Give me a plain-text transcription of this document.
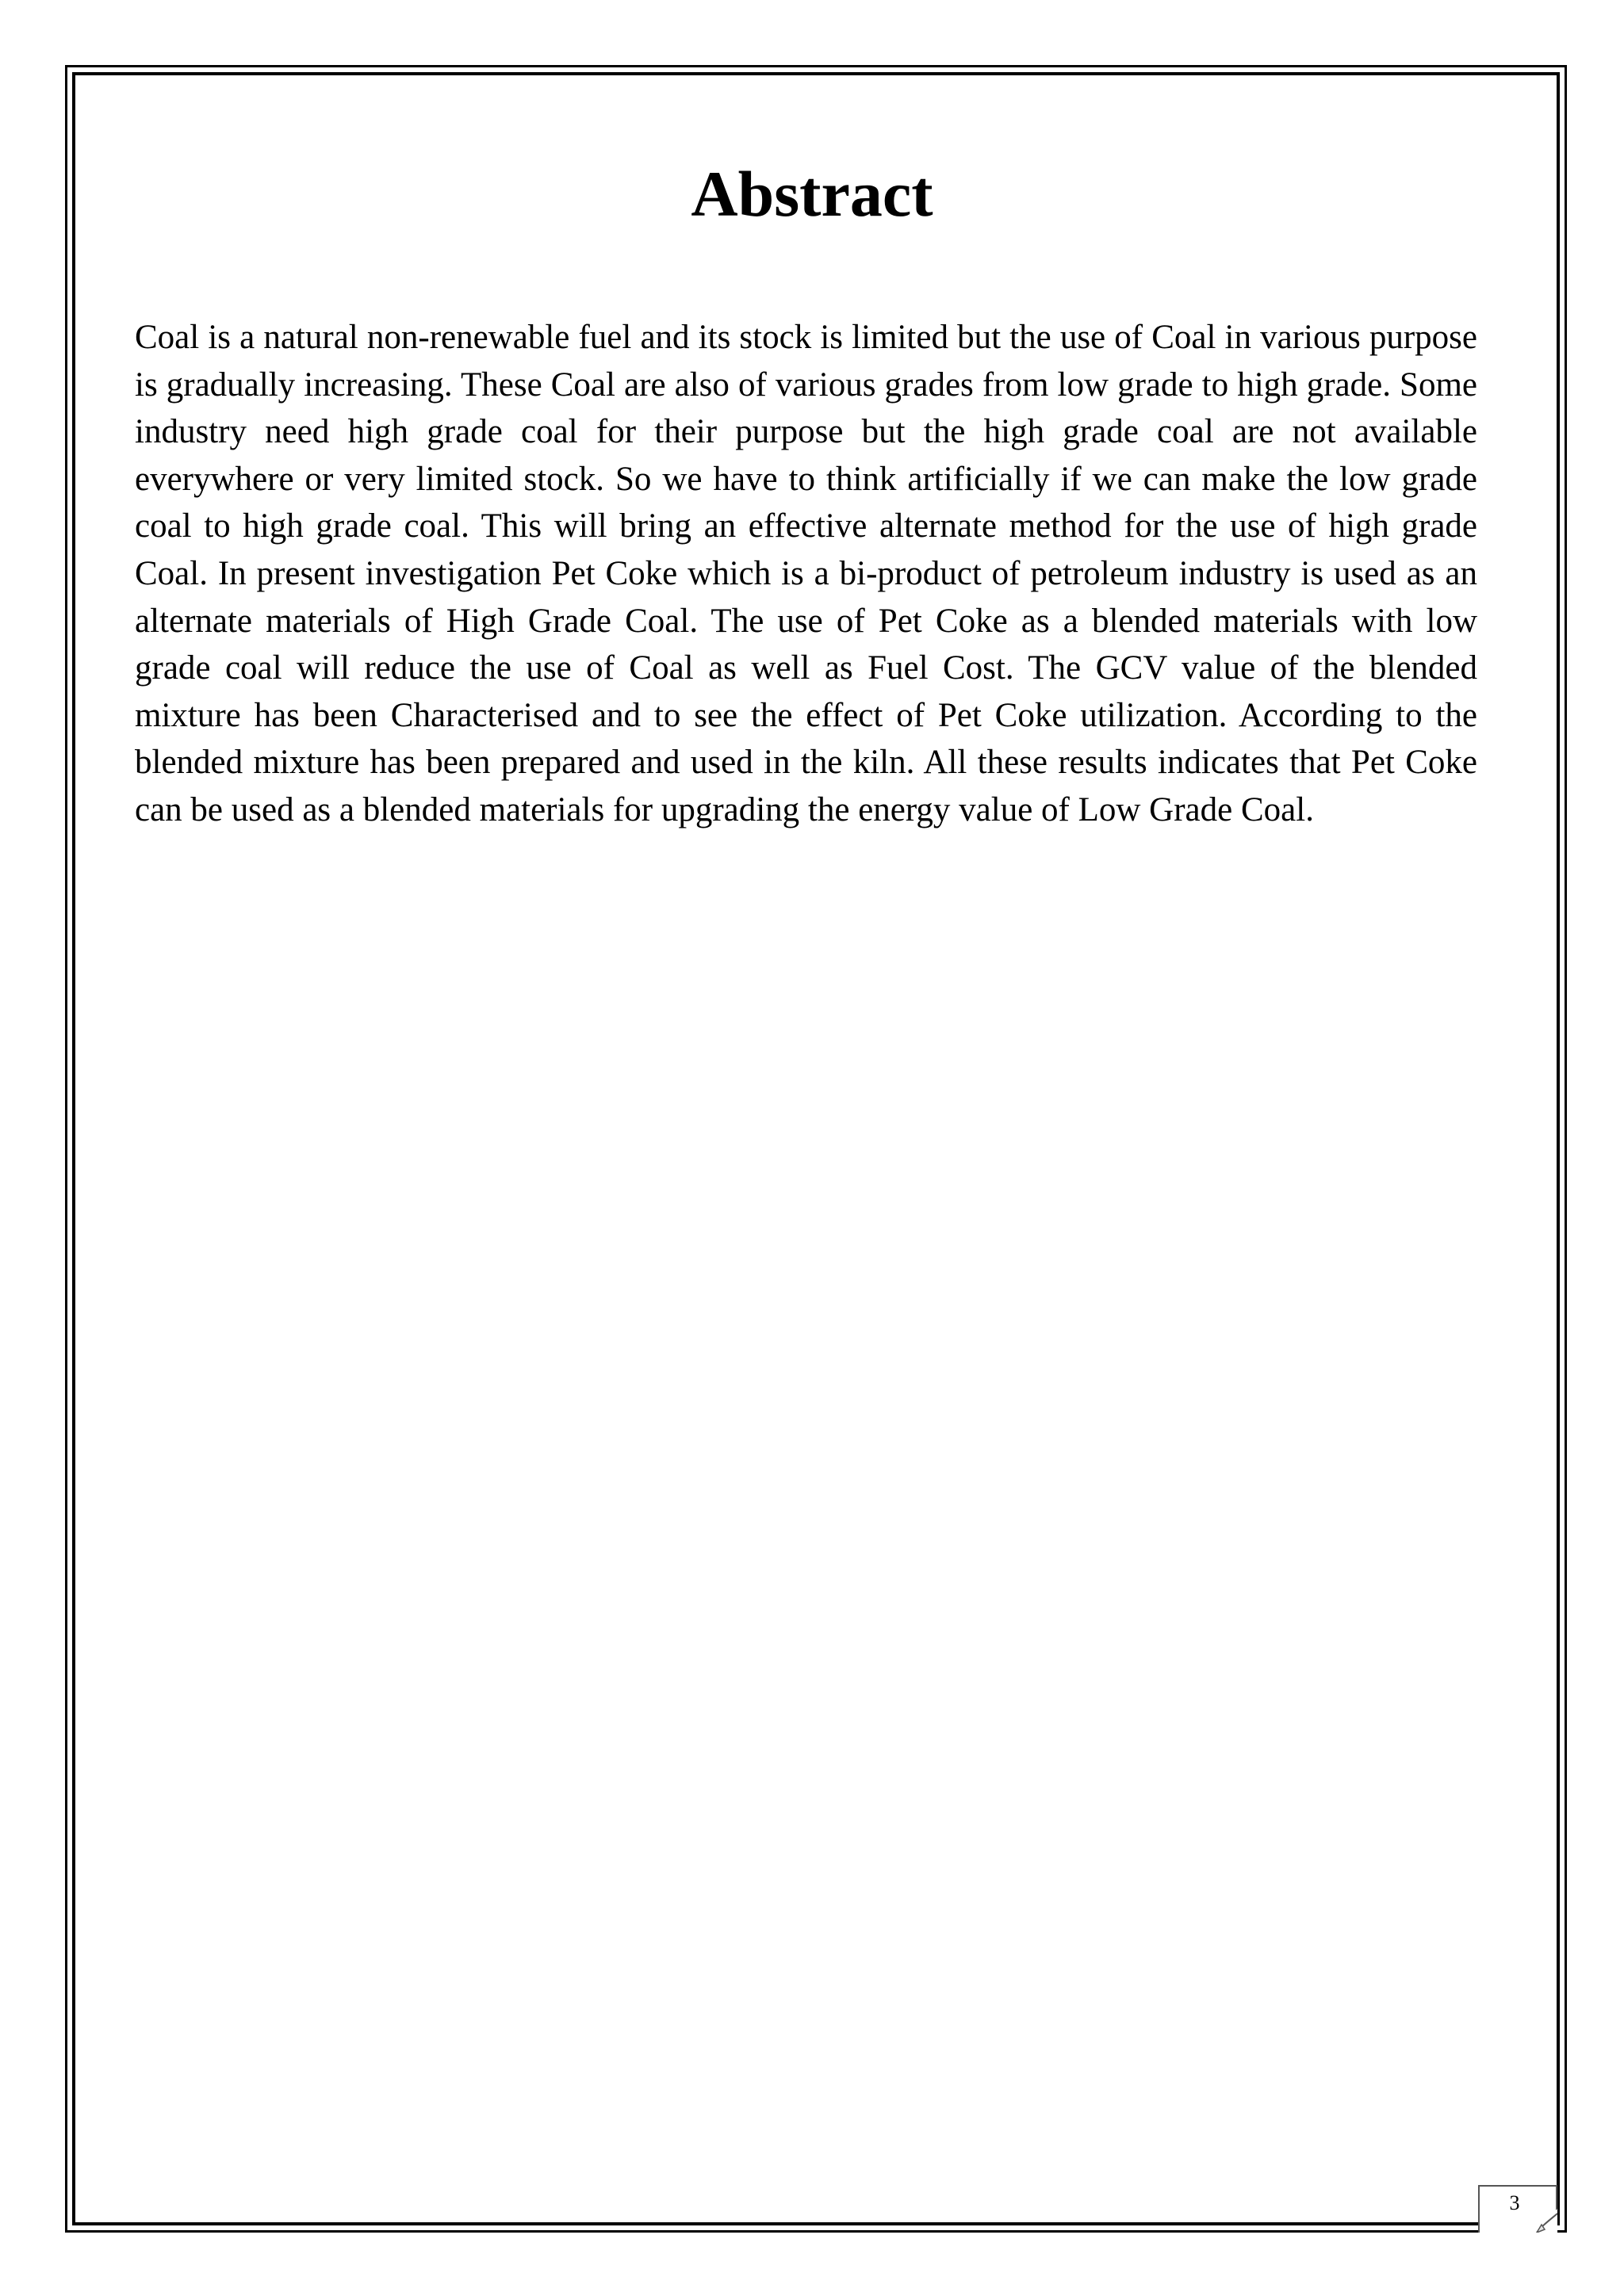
Abstract

Coal is a natural non-renewable fuel and its stock is limited but the use of Coal in various purpose is gradually increasing. These Coal are also of various grades from low grade to high grade. Some industry need high grade coal for their purpose but the high grade coal are not available everywhere or very limited stock. So we have to think artificially if we can make the low grade coal to high grade coal. This will bring an effective alternate method for the use of high grade Coal. In present investigation Pet Coke which is a bi-product of petroleum industry is used as an alternate materials of High Grade Coal. The use of Pet Coke as a blended materials with low grade coal will reduce the use of Coal as well as Fuel Cost. The GCV value of the blended mixture has been Characterised and to see the effect of Pet Coke utilization. According to the blended mixture has been prepared and used in the kiln. All these results indicates that Pet Coke can be used as a blended materials for upgrading the energy value of Low Grade Coal.

3
